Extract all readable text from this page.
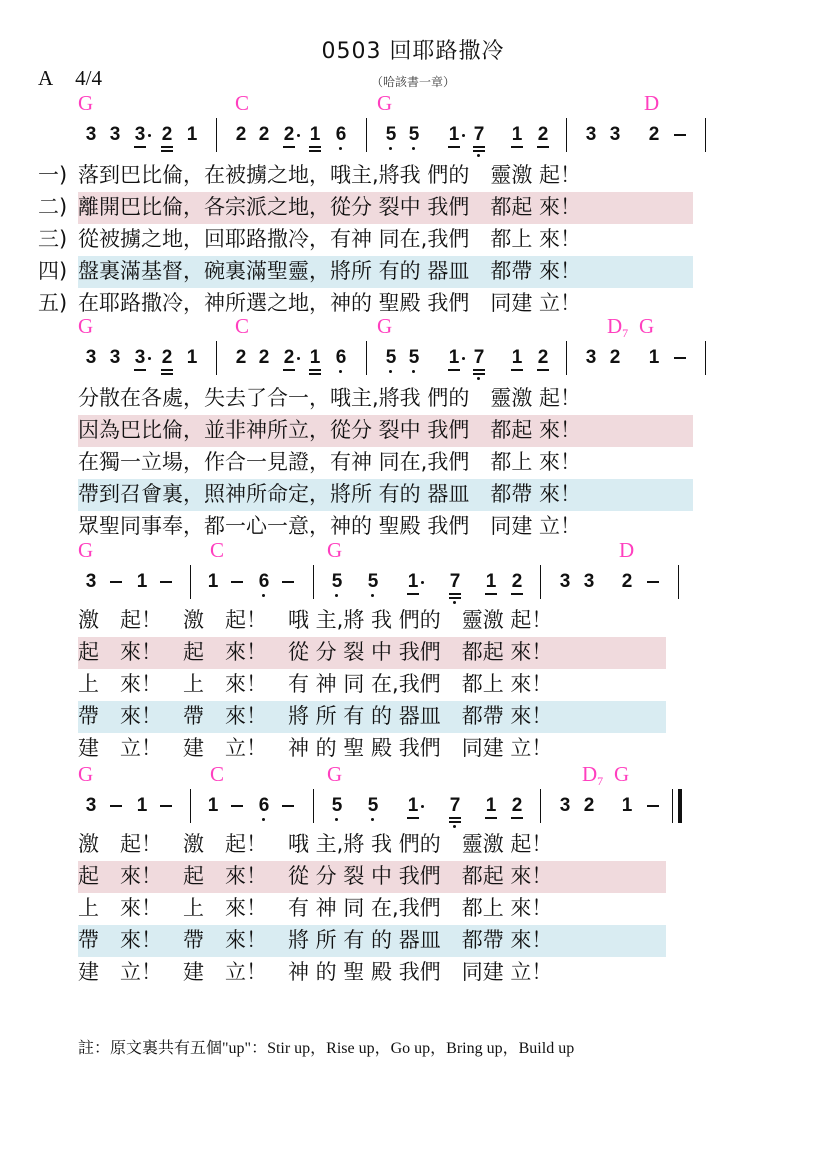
0503 回耶路撒冷
A 4/4	（哈該書一章）
G	C	G	D
3 3 3 2 1 2 2 2 1 6 5 5 1 7 1 2 3 3 2
一) 落到巴比倫，在被擄之地，哦主,將我 們的　靈激 起！
二) 離開巴比倫，各宗派之地，從分 裂中 我們　都起 來！
三) 從被擄之地，回耶路撒冷，有神 同在,我們　都上 來！
四) 盤裏滿基督，碗裏滿聖靈，將所 有的 器皿　都帶 來！
五) 在耶路撒冷，神所選之地，神的 聖殿 我們　同建 立！
G	C	G	$D_7$ G
3 3 3 2 1 2 2 2 1 6 5 5 1 7 1 2 3 2 1
分散在各處，失去了合一，哦主,將我 們的　靈激 起！
因為巴比倫，並非神所立，從分 裂中 我們　都起 來！
在獨一立場，作合一見證，有神 同在,我們　都上 來！
帶到召會裏，照神所命定，將所 有的 器皿　都帶 來！
眾聖同事奉，都一心一意，神的 聖殿 我們　同建 立！
G	C	G	D
3 1	1 6	5 5 1 7 1 2 3 3 2
激　起！　激　起！　哦 主,將 我 們的　靈激 起！
起　來！　起　來！　從 分 裂 中 我們　都起 來！
上　來！　上　來！　有 神 同 在,我們　都上 來！
帶　來！　帶　來！　將 所 有 的 器皿　都帶 來！
建　立！　建　立！　神 的 聖 殿 我們　同建 立！
G	C	G	$D_7$ G
3 1	1 6	5 5 1 7 1 2 3 2 1
激　起！　激　起！　哦 主,將 我 們的　靈激 起！
起　來！　起　來！　從 分 裂 中 我們　都起 來！
上　來！　上　來！　有 神 同 在,我們　都上 來！
帶　來！　帶　來！　將 所 有 的 器皿　都帶 來！
建　立！　建　立！　神 的 聖 殿 我們　同建 立！
註：原文裏共有五個"up"：Stir up，Rise up，Go up，Bring up，Build up
